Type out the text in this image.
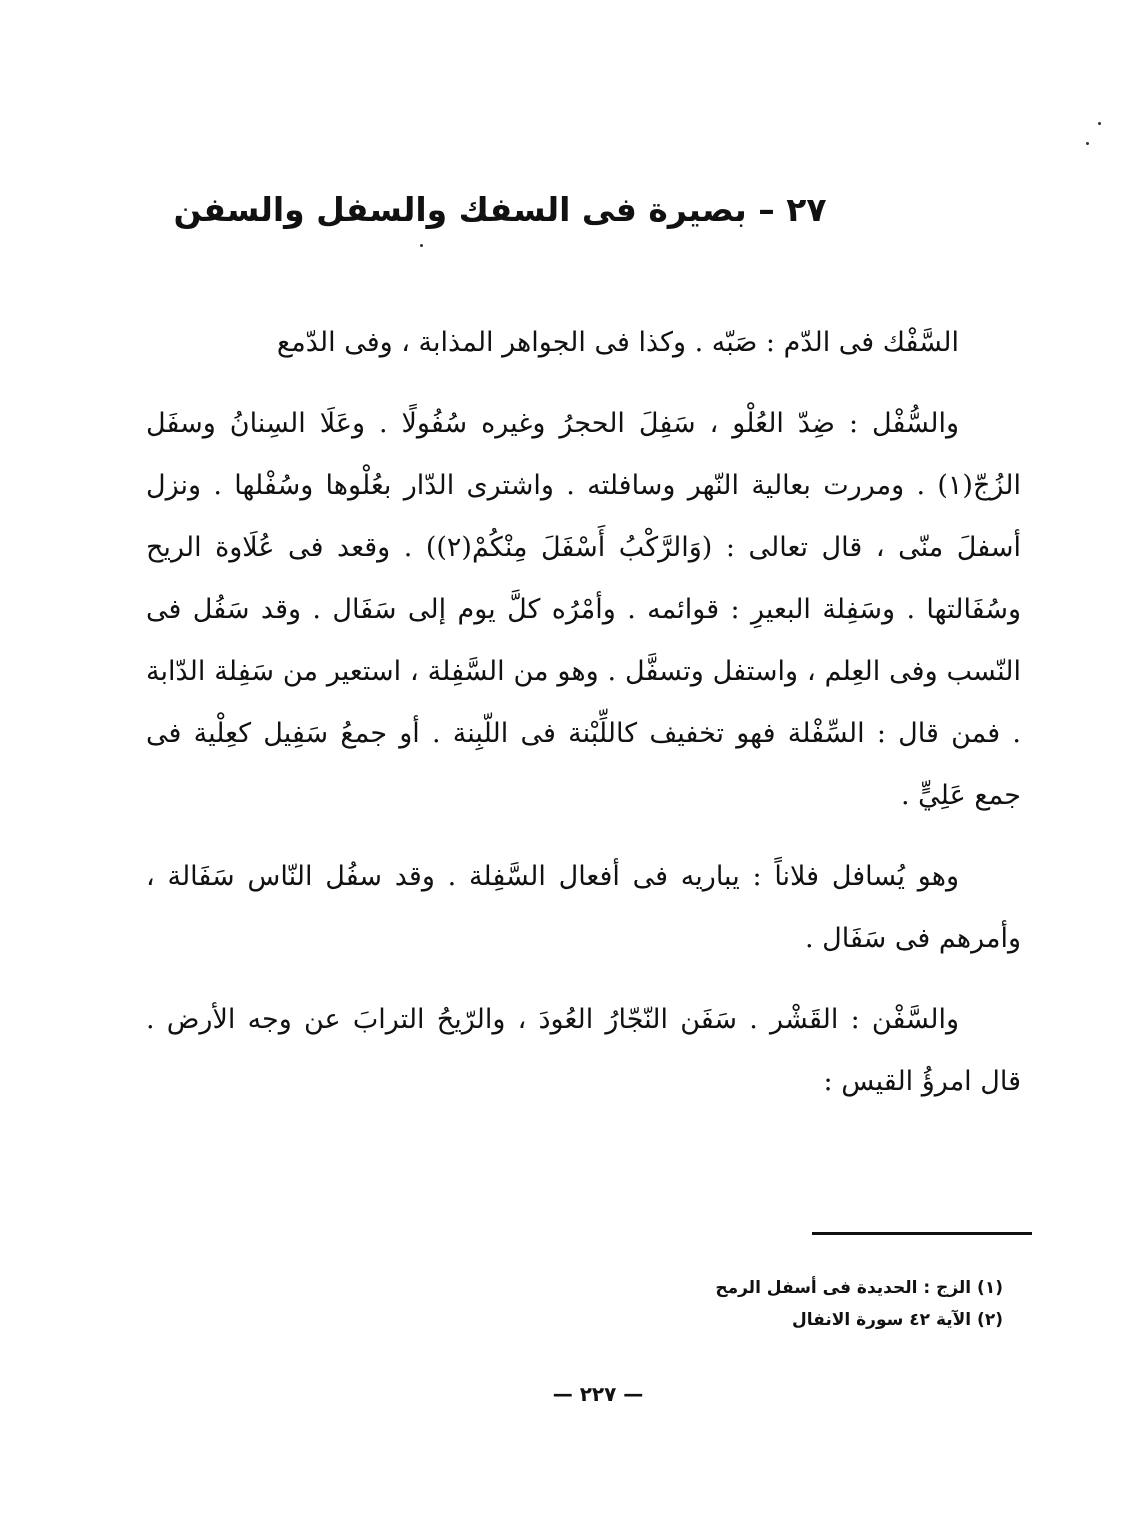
٢٧ – بصيرة فى السفك والسفل والسفن

السَّفْك فى الدّم : صَبّه . وكذا فى الجواهر المذابة ، وفى الدّمع

والسُّفْل : ضِدّ العُلْو ، سَفِلَ الحجرُ وغيره سُفُولًا . وعَلَا السِنانُ وسفَل الزُجّ(١) . ومررت بعالية النّهر وسافلته . واشترى الدّار بعُلْوها وسُفْلها . ونزل أسفلَ منّى ، قال تعالى : (وَالرَّكْبُ أَسْفَلَ مِنْكُمْ(٢)) . وقعد فى عُلَاوة الريح وسُفَالتها . وسَفِلة البعيرِ : قوائمه . وأمْرُه كلَّ يوم إلى سَفَال . وقد سَفُل فى النّسب وفى العِلم ، واستفل وتسفَّل . وهو من السَّفِلة ، استعير من سَفِلة الدّابة . فمن قال : السِّفْلة فهو تخفيف كاللِّبْنة فى اللّبِنة . أو جمعُ سَفِيل كعِلْية فى جمع عَلِيٍّ .

وهو يُسافل فلاناً : يباريه فى أفعال السَّفِلة . وقد سفُل النّاس سَفَالة ، وأمرهم فى سَفَال .

والسَّفْن : القَشْر . سَفَن النّجّارُ العُودَ ، والرّيحُ الترابَ عن وجه الأرض . قال امرؤُ القيس :

(١) الزج : الحديدة فى أسفل الرمح

(٢) الآية ٤٢ سورة الانفال

— ٢٢٧ —
